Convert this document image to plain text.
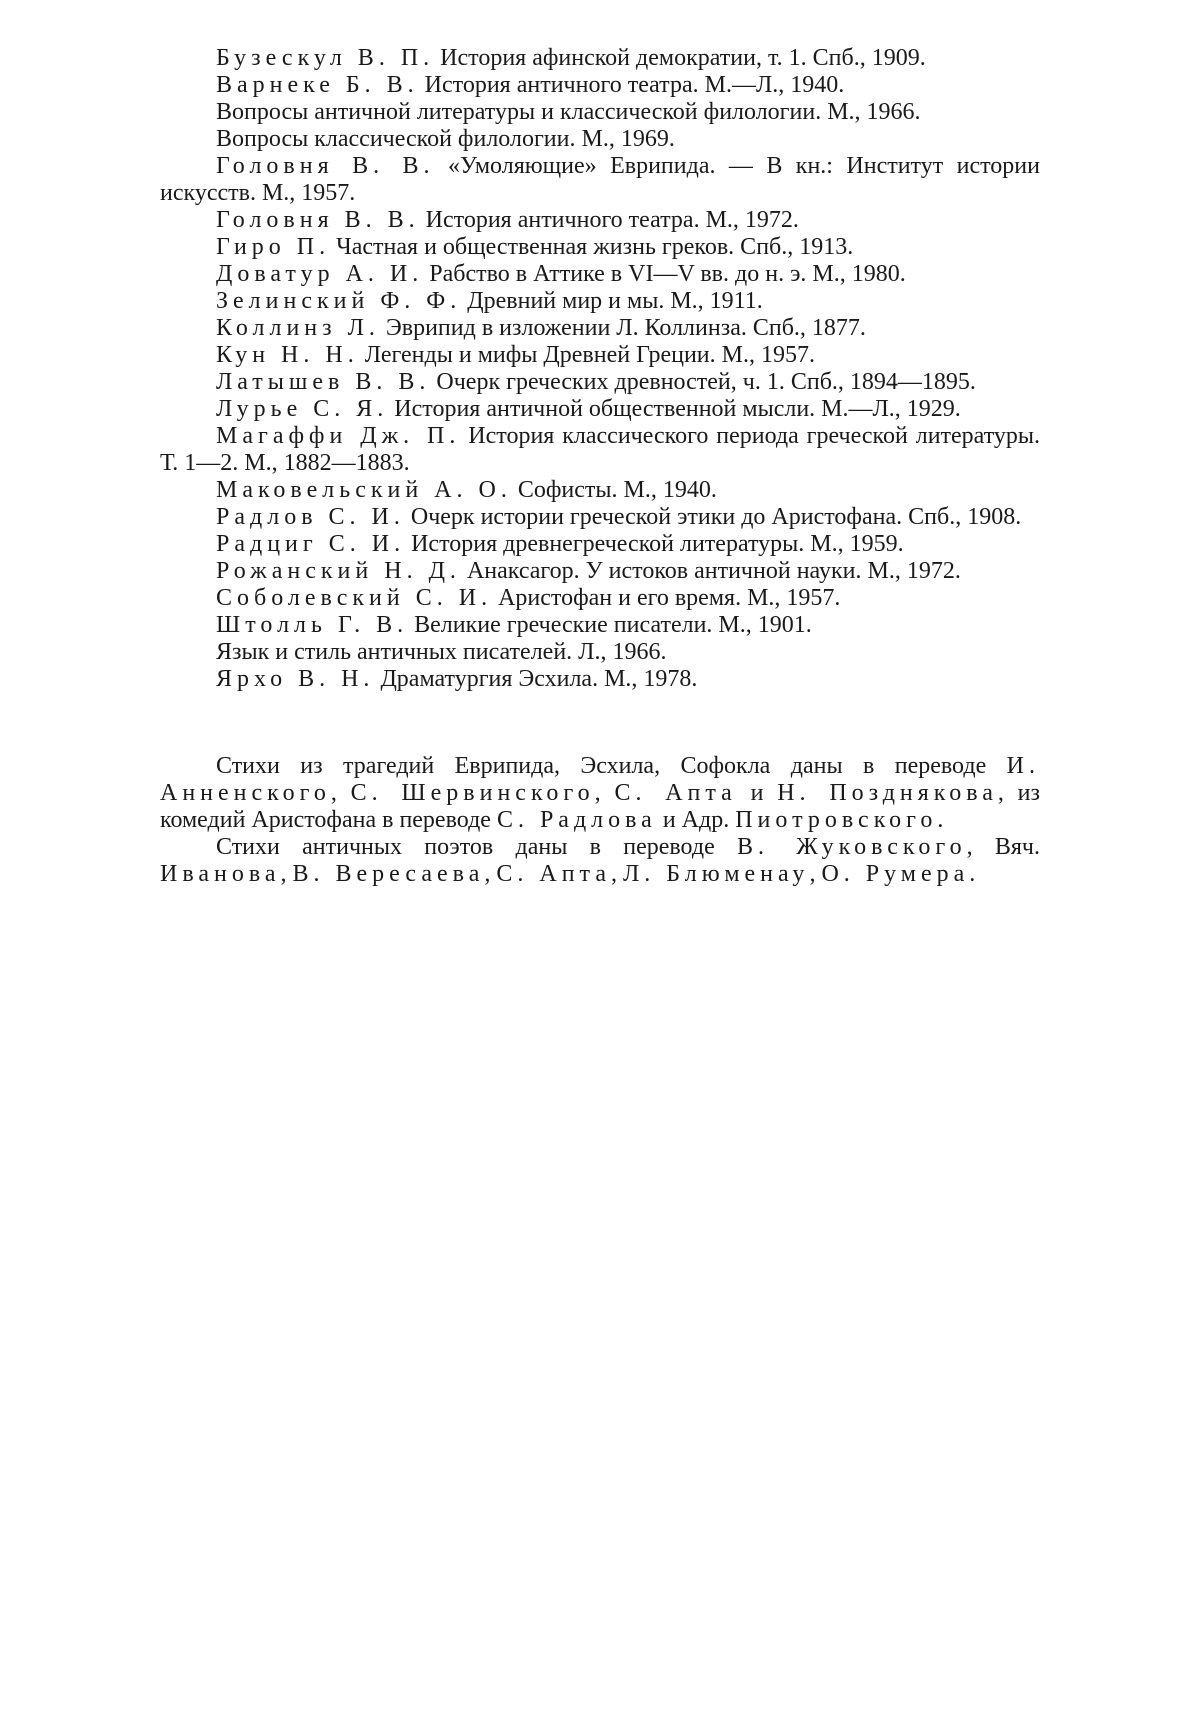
Бузескул В. П. История афинской демократии, т. 1. Спб., 1909.

Варнеке Б. В. История античного театра. М.—Л., 1940.

Вопросы античной литературы и классической филологии. М., 1966.

Вопросы классической филологии. М., 1969.

Головня В. В. «Умоляющие» Еврипида. — В кн.: Институт истории искусств. М., 1957.

Головня В. В. История античного театра. М., 1972.

Гиро П. Частная и общественная жизнь греков. Спб., 1913.

Доватур А. И. Рабство в Аттике в VI—V вв. до н. э. М., 1980.

Зелинский Ф. Ф. Древний мир и мы. М., 1911.

Коллинз Л. Эврипид в изложении Л. Коллинза. Спб., 1877.

Кун Н. Н. Легенды и мифы Древней Греции. М., 1957.

Латышев В. В. Очерк греческих древностей, ч. 1. Спб., 1894—1895.

Лурье С. Я. История античной общественной мысли. М.—Л., 1929.

Магаффи Дж. П. История классического периода греческой литературы. Т. 1—2. М., 1882—1883.

Маковельский А. О. Софисты. М., 1940.

Радлов С. И. Очерк истории греческой этики до Аристофана. Спб., 1908.

Радциг С. И. История древнегреческой литературы. М., 1959.

Рожанский Н. Д. Анаксагор. У истоков античной науки. М., 1972.

Соболевский С. И. Аристофан и его время. М., 1957.

Штолль Г. В. Великие греческие писатели. М., 1901.

Язык и стиль античных писателей. Л., 1966.

Ярхо В. Н. Драматургия Эсхила. М., 1978.

Стихи из трагедий Еврипида, Эсхила, Софокла даны в переводе И. Анненского, С. Шервинского, С. Апта и Н. Позднякова, из комедий Аристофана в переводе С. Радлова и Адр. Пиотровского.

Стихи античных поэтов даны в переводе В. Жуковского, Вяч. Иванова, В. Вересаева, С. Апта, Л. Блюменау, О. Румера.
